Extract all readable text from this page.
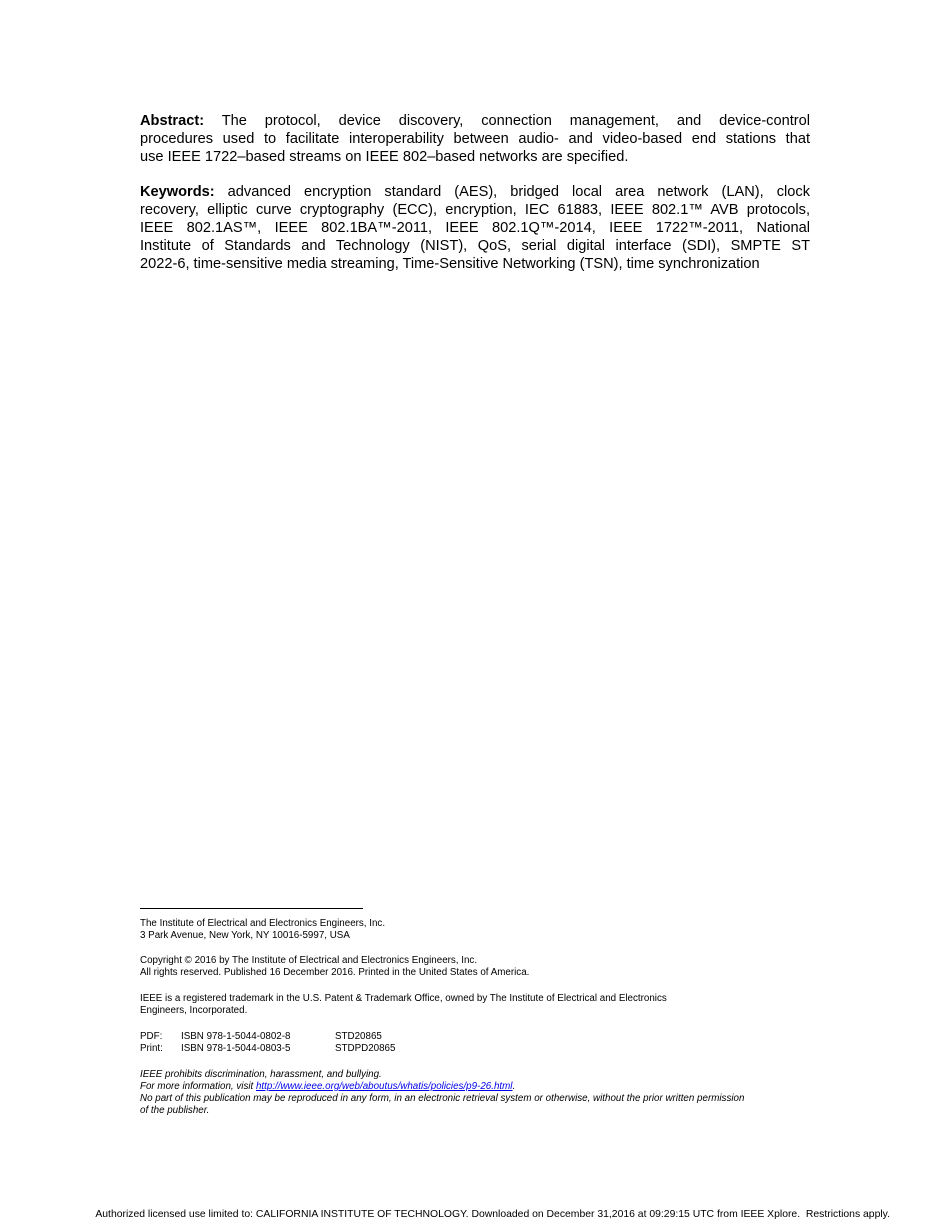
Abstract: The protocol, device discovery, connection management, and device-control
procedures used to facilitate interoperability between audio- and video-based end stations that
use IEEE 1722–based streams on IEEE 802–based networks are specified.
Keywords: advanced encryption standard (AES), bridged local area network (LAN), clock
recovery, elliptic curve cryptography (ECC), encryption, IEC 61883, IEEE 802.1™ AVB protocols,
IEEE 802.1AS™, IEEE 802.1BA™-2011, IEEE 802.1Q™-2014, IEEE 1722™-2011, National
Institute of Standards and Technology (NIST), QoS, serial digital interface (SDI), SMPTE ST
2022-6, time-sensitive media streaming, Time-Sensitive Networking (TSN), time synchronization
The Institute of Electrical and Electronics Engineers, Inc.
3 Park Avenue, New York, NY 10016-5997, USA
Copyright © 2016 by The Institute of Electrical and Electronics Engineers, Inc.
All rights reserved. Published 16 December 2016. Printed in the United States of America.
IEEE is a registered trademark in the U.S. Patent & Trademark Office, owned by The Institute of Electrical and Electronics
Engineers, Incorporated.
PDF: ISBN 978-1-5044-0802-8	STD20865
Print: ISBN 978-1-5044-0803-5	STDPD20865
IEEE prohibits discrimination, harassment, and bullying.
For more information, visit http://www.ieee.org/web/aboutus/whatis/policies/p9-26.html.
No part of this publication may be reproduced in any form, in an electronic retrieval system or otherwise, without the prior written permission
of the publisher.
Authorized licensed use limited to: CALIFORNIA INSTITUTE OF TECHNOLOGY. Downloaded on December 31,2016 at 09:29:15 UTC from IEEE Xplore.  Restrictions apply.
